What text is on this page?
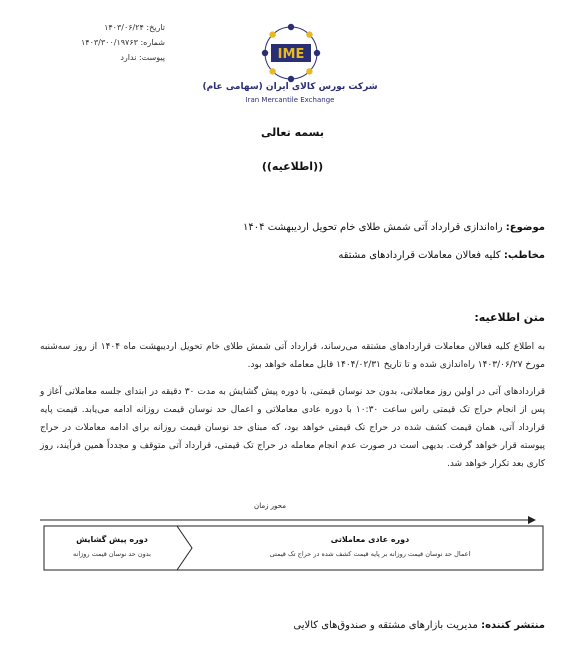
تاریخ: ۱۴۰۳/۰۶/۲۴
شماره: ۱۴۰۳/۳۰۰/۱۹۷۶۳
پیوست: ندارد	IME
شرکت بورس کالای ایران (سهامی عام)
Iran Mercantile Exchange
بسمه تعالی
((اطلاعیه))
موضوع: راه‌اندازی قرارداد آتی شمش طلای خام تحویل اردیبهشت ۱۴۰۴
مخاطب: کلیه فعالان معاملات قراردادهای مشتقه
متن اطلاعیه:
به اطلاع کلیه فعالان معاملات قراردادهای مشتقه می‌رساند، قرارداد آتی شمش طلای خام تحویل اردیبهشت ماه ۱۴۰۴ از روز سه‌شنبه مورخ ۱۴۰۳/۰۶/۲۷ راه‌اندازی شده و تا تاریخ ۱۴۰۴/۰۲/۳۱ قابل معامله خواهد بود.
قراردادهای آتی در اولین روز معاملاتی، بدون حد نوسان قیمتی، با دوره پیش گشایش به مدت ۳۰ دقیقه در ابتدای جلسه معاملاتی آغاز و پس از انجام حراج تک قیمتی راس ساعت ۱۰:۳۰ با دوره عادی معاملاتی و اعمال حد نوسان قیمت روزانه ادامه می‌یابد. قیمت پایه قرارداد آتی، همان قیمت کشف شده در حراج تک قیمتی خواهد بود، که مبنای حد نوسان قیمت روزانه برای ادامه معاملات در حراج پیوسته قرار خواهد گرفت. بدیهی است در صورت عدم انجام معامله در حراج تک قیمتی، قرارداد آتی متوقف و مجدداً همین فرآیند، روز کاری بعد تکرار خواهد شد.
محور زمان
دوره پیش گشایش
بدون حد نوسان قیمت روزانه
دوره عادی معاملاتی
اعمال حد نوسان قیمت روزانه بر پایه قیمت کشف شده در حراج تک قیمتی
منتشر کننده: مدیریت بازارهای مشتقه و صندوق‌های کالایی
